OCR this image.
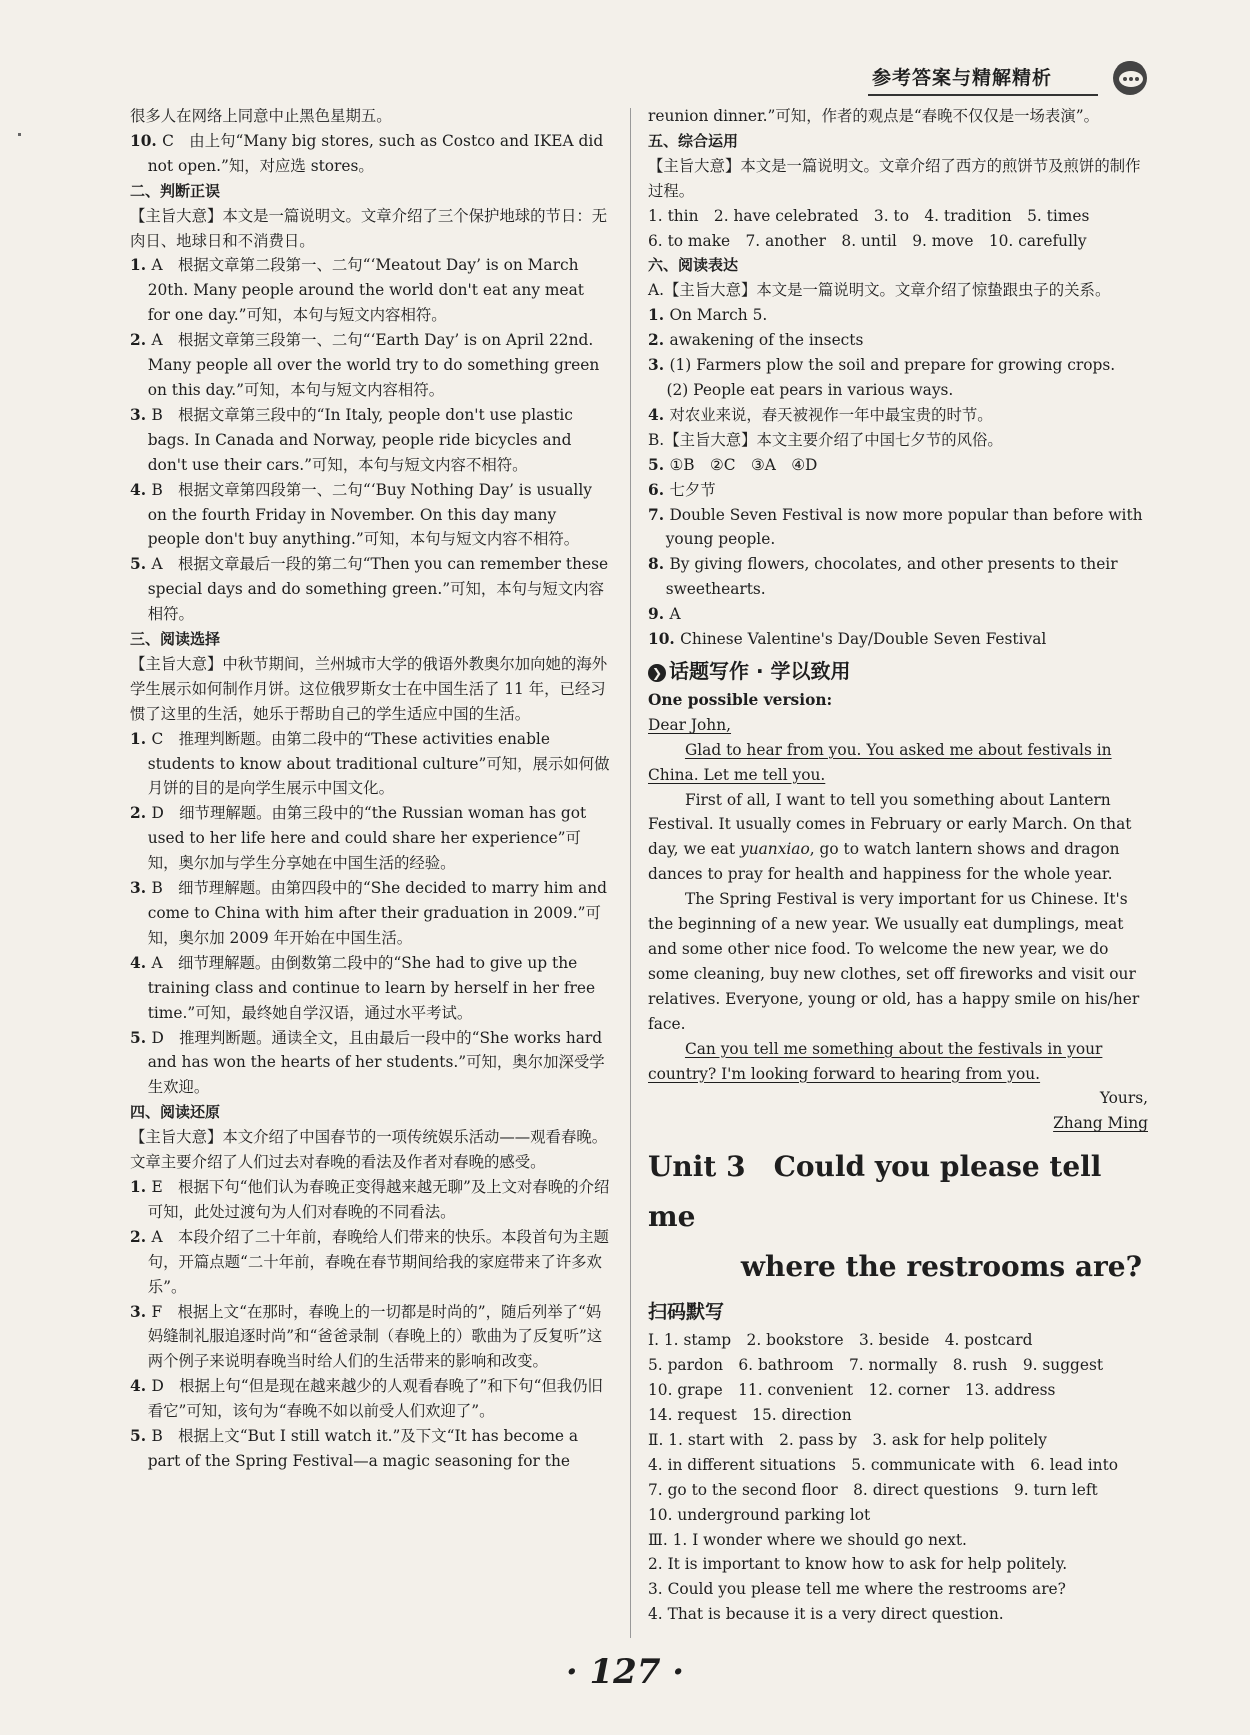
参考答案与精解精析

很多人在网络上同意中止黑色星期五。

10. C　由上句“Many big stores, such as Costco and IKEA did not open.”知，对应选 stores。

二、判断正误

【主旨大意】本文是一篇说明文。文章介绍了三个保护地球的节日：无肉日、地球日和不消费日。

1. A　根据文章第二段第一、二句“‘Meatout Day’ is on March 20th. Many people around the world don't eat any meat for one day.”可知，本句与短文内容相符。

2. A　根据文章第三段第一、二句“‘Earth Day’ is on April 22nd. Many people all over the world try to do something green on this day.”可知，本句与短文内容相符。

3. B　根据文章第三段中的“In Italy, people don't use plastic bags. In Canada and Norway, people ride bicycles and don't use their cars.”可知，本句与短文内容不相符。

4. B　根据文章第四段第一、二句“‘Buy Nothing Day’ is usually on the fourth Friday in November. On this day many people don't buy anything.”可知，本句与短文内容不相符。

5. A　根据文章最后一段的第二句“Then you can remember these special days and do something green.”可知，本句与短文内容相符。

三、阅读选择

【主旨大意】中秋节期间，兰州城市大学的俄语外教奥尔加向她的海外学生展示如何制作月饼。这位俄罗斯女士在中国生活了 11 年，已经习惯了这里的生活，她乐于帮助自己的学生适应中国的生活。

1. C　推理判断题。由第二段中的“These activities enable students to know about traditional culture”可知，展示如何做月饼的目的是向学生展示中国文化。

2. D　细节理解题。由第三段中的“the Russian woman has got used to her life here and could share her experience”可知，奥尔加与学生分享她在中国生活的经验。

3. B　细节理解题。由第四段中的“She decided to marry him and come to China with him after their graduation in 2009.”可知，奥尔加 2009 年开始在中国生活。

4. A　细节理解题。由倒数第二段中的“She had to give up the training class and continue to learn by herself in her free time.”可知，最终她自学汉语，通过水平考试。

5. D　推理判断题。通读全文，且由最后一段中的“She works hard and has won the hearts of her students.”可知，奥尔加深受学生欢迎。

四、阅读还原

【主旨大意】本文介绍了中国春节的一项传统娱乐活动——观看春晚。文章主要介绍了人们过去对春晚的看法及作者对春晚的感受。

1. E　根据下句“他们认为春晚正变得越来越无聊”及上文对春晚的介绍可知，此处过渡句为人们对春晚的不同看法。

2. A　本段介绍了二十年前，春晚给人们带来的快乐。本段首句为主题句，开篇点题“二十年前，春晚在春节期间给我的家庭带来了许多欢乐”。

3. F　根据上文“在那时，春晚上的一切都是时尚的”，随后列举了“妈妈缝制礼服追逐时尚”和“爸爸录制（春晚上的）歌曲为了反复听”这两个例子来说明春晚当时给人们的生活带来的影响和改变。

4. D　根据上句“但是现在越来越少的人观看春晚了”和下句“但我仍旧看它”可知，该句为“春晚不如以前受人们欢迎了”。

5. B　根据上文“But I still watch it.”及下文“It has become a part of the Spring Festival—a magic seasoning for the

reunion dinner.”可知，作者的观点是“春晚不仅仅是一场表演”。

五、综合运用

【主旨大意】本文是一篇说明文。文章介绍了西方的煎饼节及煎饼的制作过程。

1. thin　2. have celebrated　3. to　4. tradition　5. times

6. to make　7. another　8. until　9. move　10. carefully

六、阅读表达

A.【主旨大意】本文是一篇说明文。文章介绍了惊蛰跟虫子的关系。

1. On March 5.

2. awakening of the insects

3. (1) Farmers plow the soil and prepare for growing crops.

(2) People eat pears in various ways.

4. 对农业来说，春天被视作一年中最宝贵的时节。

B.【主旨大意】本文主要介绍了中国七夕节的风俗。

5. ①B　②C　③A　④D

6. 七夕节

7. Double Seven Festival is now more popular than before with young people.

8. By giving flowers, chocolates, and other presents to their sweethearts.

9. A

10. Chinese Valentine's Day/Double Seven Festival

❯ 话题写作 · 学以致用

One possible version:

Dear John,

Glad to hear from you. You asked me about festivals in China. Let me tell you.

First of all, I want to tell you something about Lantern Festival. It usually comes in February or early March. On that day, we eat yuanxiao, go to watch lantern shows and dragon dances to pray for health and happiness for the whole year.

The Spring Festival is very important for us Chinese. It's the beginning of a new year. We usually eat dumplings, meat and some other nice food. To welcome the new year, we do some cleaning, buy new clothes, set off fireworks and visit our relatives. Everyone, young or old, has a happy smile on his/her face.

Can you tell me something about the festivals in your country? I'm looking forward to hearing from you.

Yours,

Zhang Ming

Unit 3　Could you please tell me

where the restrooms are?

扫码默写

Ⅰ. 1. stamp　2. bookstore　3. beside　4. postcard

5. pardon　6. bathroom　7. normally　8. rush　9. suggest

10. grape　11. convenient　12. corner　13. address

14. request　15. direction

Ⅱ. 1. start with　2. pass by　3. ask for help politely

4. in different situations　5. communicate with　6. lead into

7. go to the second floor　8. direct questions　9. turn left

10. underground parking lot

Ⅲ. 1. I wonder where we should go next.

2. It is important to know how to ask for help politely.

3. Could you please tell me where the restrooms are?

4. That is because it is a very direct question.

· 127 ·
